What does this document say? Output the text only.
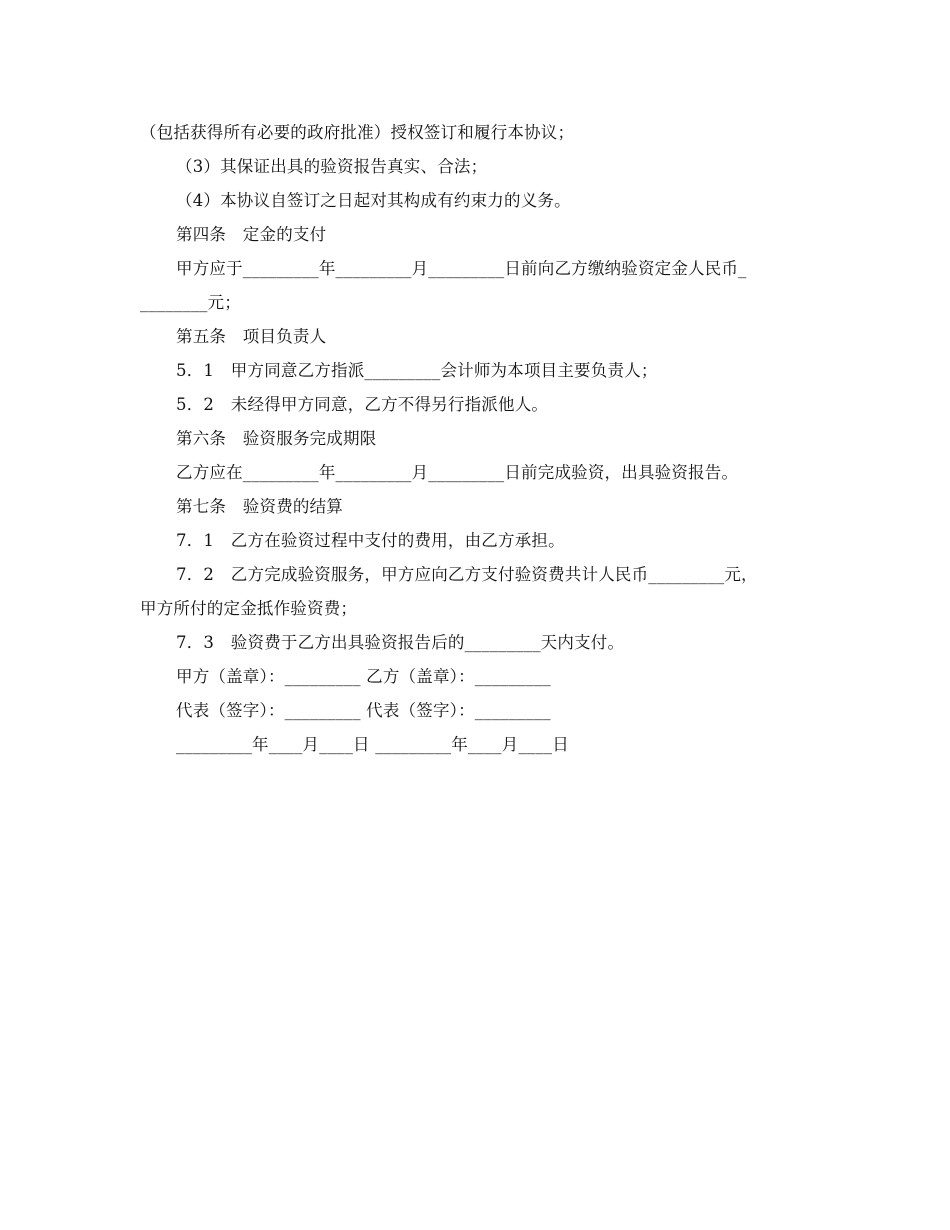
（包括获得所有必要的政府批准）授权签订和履行本协议；
（3）其保证出具的验资报告真实、合法；
（4）本协议自签订之日起对其构成有约束力的义务。
第四条　定金的支付
甲方应于_________年_________月_________日前向乙方缴纳验资定金人民币_
________元；
第五条　项目负责人
5．1　甲方同意乙方指派_________会计师为本项目主要负责人；
5．2　未经得甲方同意，乙方不得另行指派他人。
第六条　验资服务完成期限
乙方应在_________年_________月_________日前完成验资，出具验资报告。
第七条　验资费的结算
7．1　乙方在验资过程中支付的费用，由乙方承担。
7．2　乙方完成验资服务，甲方应向乙方支付验资费共计人民币_________元，
甲方所付的定金抵作验资费；
7．3　验资费于乙方出具验资报告后的_________天内支付。
甲方（盖章）：_________ 乙方（盖章）：_________
代表（签字）：_________ 代表（签字）：_________
_________年____月____日 _________年____月____日
